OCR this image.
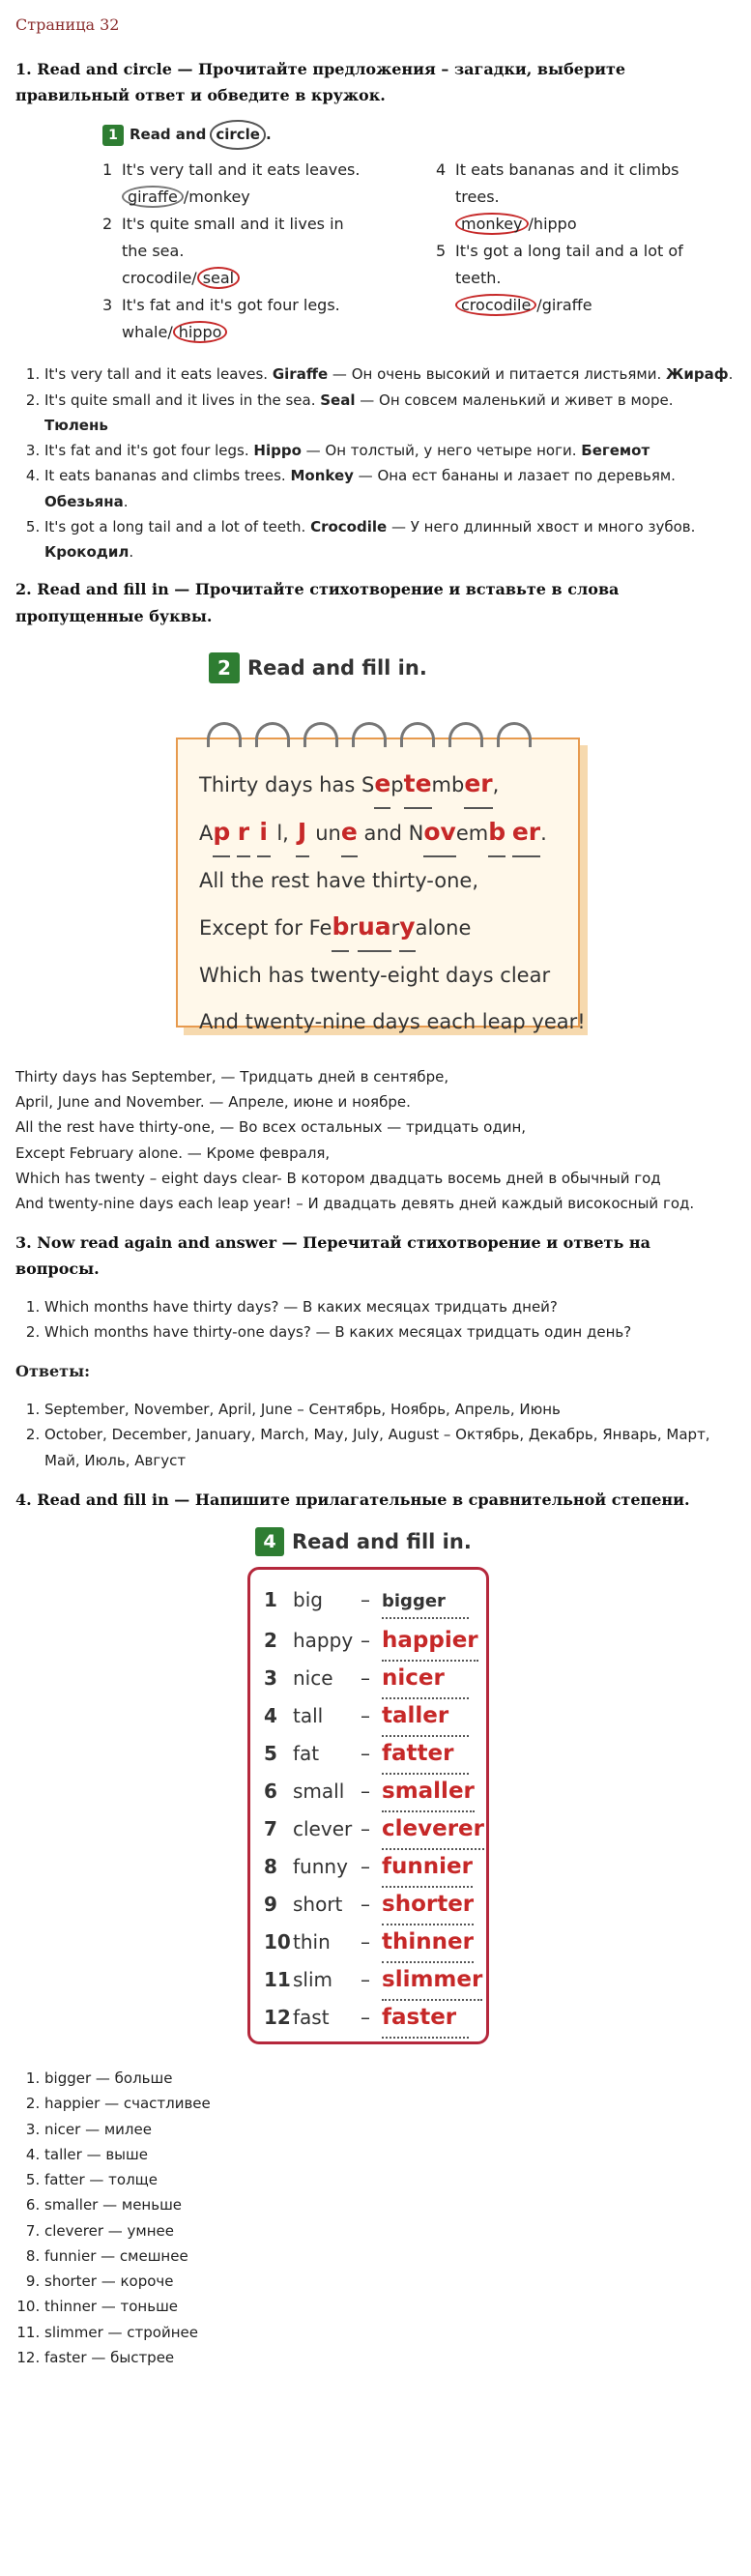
Страница 32
1. Read and circle — Прочитайте предложения – загадки, выберите правильный ответ и обведите в кружок.
1 Read and circle .
1 It's very tall and it eats leaves.
giraffe /monkey
2 It's quite small and it lives in
the sea.
crocodile/ seal
3 It's fat and it's got four legs.
whale/ hippo
4 It eats bananas and it climbs
trees.
monkey /hippo
5 It's got a long tail and a lot of
teeth.
crocodile /giraffe
1. It's very tall and it eats leaves. Giraffe — Он очень высокий и питается листьями. Жираф.
2. It's quite small and it lives in the sea. Seal — Он совсем маленький и живет в море. Тюлень
3. It's fat and it's got four legs. Hippo — Он толстый, у него четыре ноги. Бегемот
4. It eats bananas and climbs trees. Monkey — Она ест бананы и лазает по деревьям. Обезьяна.
5. It's got a long tail and a lot of teeth. Crocodile — У него длинный хвост и много зубов. Крокодил.
2. Read and fill in — Прочитайте стихотворение и вставьте в слова пропущенные буквы.
2 Read and fill in.
Thirty days has September,
Ap r i l, J une and Novemb er.
All the rest have thirty-one,
Except for Februaryalone
Which has twenty-eight days clear
And twenty-nine days each leap year!

Thirty days has September, — Тридцать дней в сентябре,

April, June and November. — Апреле, июне и ноябре.

All the rest have thirty-one, — Во всех остальных — тридцать один,

Except February alone. — Кроме февраля,

Which has twenty – eight days clear- В котором двадцать восемь дней в обычный год

And twenty-nine days each leap year! – И двадцать девять дней каждый високосный год.

3. Now read again and answer — Перечитай стихотворение и ответь на вопросы.
1. Which months have thirty days? — В каких месяцах тридцать дней?
2. Which months have thirty-one days? — В каких месяцах тридцать один день?
Ответы:
1. September, November, April, June – Сентябрь, Ноябрь, Апрель, Июнь
2. October, December, January, March, May, July, August – Октябрь, Декабрь, Январь, Март, Май, Июль, Август
4. Read and fill in — Напишите прилагательные в сравнительной степени.
4 Read and fill in.
1 big	– bigger
2 happy – happier
3 nice	– nicer
4 tall	– taller
5 fat	– fatter
6 small – smaller
7 clever – cleverer
8 funny – funnier
9 short – shorter
10 thin	– thinner
11 slim	– slimmer
12 fast	– faster
1. bigger — больше
2. happier — счастливее
3. nicer — милее
4. taller — выше
5. fatter — толще
6. smaller — меньше
7. cleverer — умнее
8. funnier — смешнее
9. shorter — короче
10. thinner — тоньше
11. slimmer — стройнее
12. faster — быстрее
